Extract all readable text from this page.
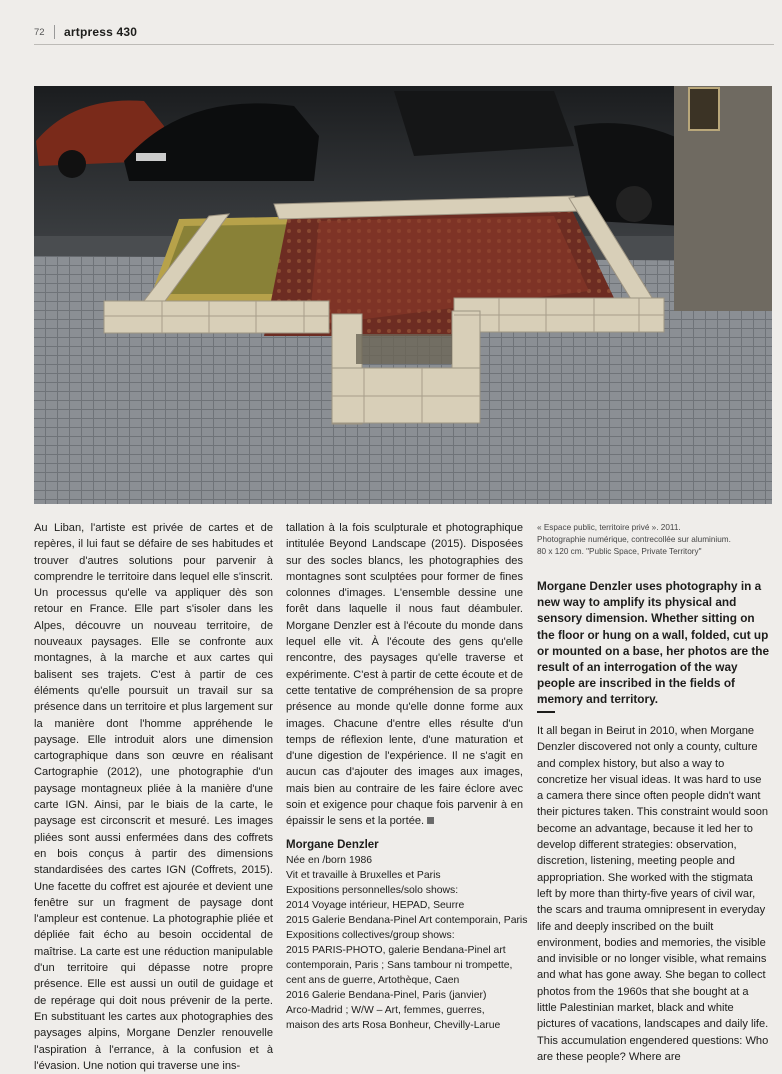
72 artpress 430

Au Liban, l'artiste est privée de cartes et de repères, il lui faut se défaire de ses habitudes et trouver d'autres solutions pour parvenir à comprendre le territoire dans lequel elle s'inscrit. Un processus qu'elle va appliquer dès son retour en France. Elle part s'isoler dans les Alpes, découvre un nouveau territoire, de nouveaux paysages. Elle se confronte aux montagnes, à la marche et aux cartes qui balisent ses trajets. C'est à partir de ces éléments qu'elle poursuit un travail sur sa présence dans un territoire et plus largement sur la manière dont l'homme appréhende le paysage. Elle introduit alors une dimension cartographique dans son œuvre en réalisant Cartographie (2012), une photographie d'un paysage montagneux pliée à la manière d'une carte IGN. Ainsi, par le biais de la carte, le paysage est circonscrit et mesuré. Les images pliées sont aussi enfermées dans des coffrets en bois conçus à partir des dimensions standardisées des cartes IGN (Coffrets, 2015). Une facette du coffret est ajourée et devient une fenêtre sur un fragment de paysage dont l'ampleur est contenue. La photographie pliée et dépliée fait écho au besoin occidental de maîtrise. La carte est une réduction manipulable d'un territoire qui dépasse notre propre présence. Elle est aussi un outil de guidage et de repérage qui doit nous prévenir de la perte. En substituant les cartes aux photographies des paysages alpins, Morgane Denzler renouvelle l'aspiration à l'errance, à la confusion et à l'évasion. Une notion qui traverse une ins-

tallation à la fois sculpturale et photographique intitulée Beyond Landscape (2015). Disposées sur des socles blancs, les photographies des montagnes sont sculptées pour former de fines colonnes d'images. L'ensemble dessine une forêt dans laquelle il nous faut déambuler. Morgane Denzler est à l'écoute du monde dans lequel elle vit. À l'écoute des gens qu'elle rencontre, des paysages qu'elle traverse et expérimente. C'est à partir de cette écoute et de cette tentative de compréhension de sa propre présence au monde qu'elle donne forme aux images. Chacune d'entre elles résulte d'un temps de réflexion lente, d'une maturation et d'une digestion de l'expérience. Il ne s'agit en aucun cas d'ajouter des images aux images, mais bien au contraire de les faire éclore avec soin et exigence pour chaque fois parvenir à en épaissir le sens et la portée.

Morgane Denzler
Née en /born 1986
Vit et travaille à Bruxelles et Paris
Expositions personnelles/solo shows:
2014 Voyage intérieur, HEPAD, Seurre
2015 Galerie Bendana-Pinel Art contemporain, Paris
Expositions collectives/group shows:
2015 PARIS-PHOTO, galerie Bendana-Pinel art
contemporain, Paris ; Sans tambour ni trompette,
cent ans de guerre, Artothèque, Caen
2016 Galerie Bendana-Pinel, Paris (janvier)
Arco-Madrid ; W/W – Art, femmes, guerres,
maison des arts Rosa Bonheur, Chevilly-Larue
« Espace public, territoire privé ». 2011.
Photographie numérique, contrecollée sur aluminium.
80 x 120 cm. "Public Space, Private Territory"

Morgane Denzler uses photography in a new way to amplify its physical and sensory dimension. Whether sitting on the floor or hung on a wall, folded, cut up or mounted on a base, her photos are the result of an interrogation of the way people are inscribed in the fields of memory and territory.

It all began in Beirut in 2010, when Morgane Denzler discovered not only a county, culture and complex history, but also a way to concretize her visual ideas. It was hard to use a camera there since often people didn't want their pictures taken. This constraint would soon become an advantage, because it led her to develop different strategies: observation, discretion, listening, meeting people and appropriation. She worked with the stigmata left by more than thirty-five years of civil war, the scars and trauma omnipresent in everyday life and deeply inscribed on the built environment, bodies and memories, the visible and invisible or no longer visible, what remains and what has gone away. She began to collect photos from the 1960s that she bought at a little Palestinian market, black and white pictures of vacations, landscapes and daily life. This accumulation engendered questions: Who are these people? Where are
